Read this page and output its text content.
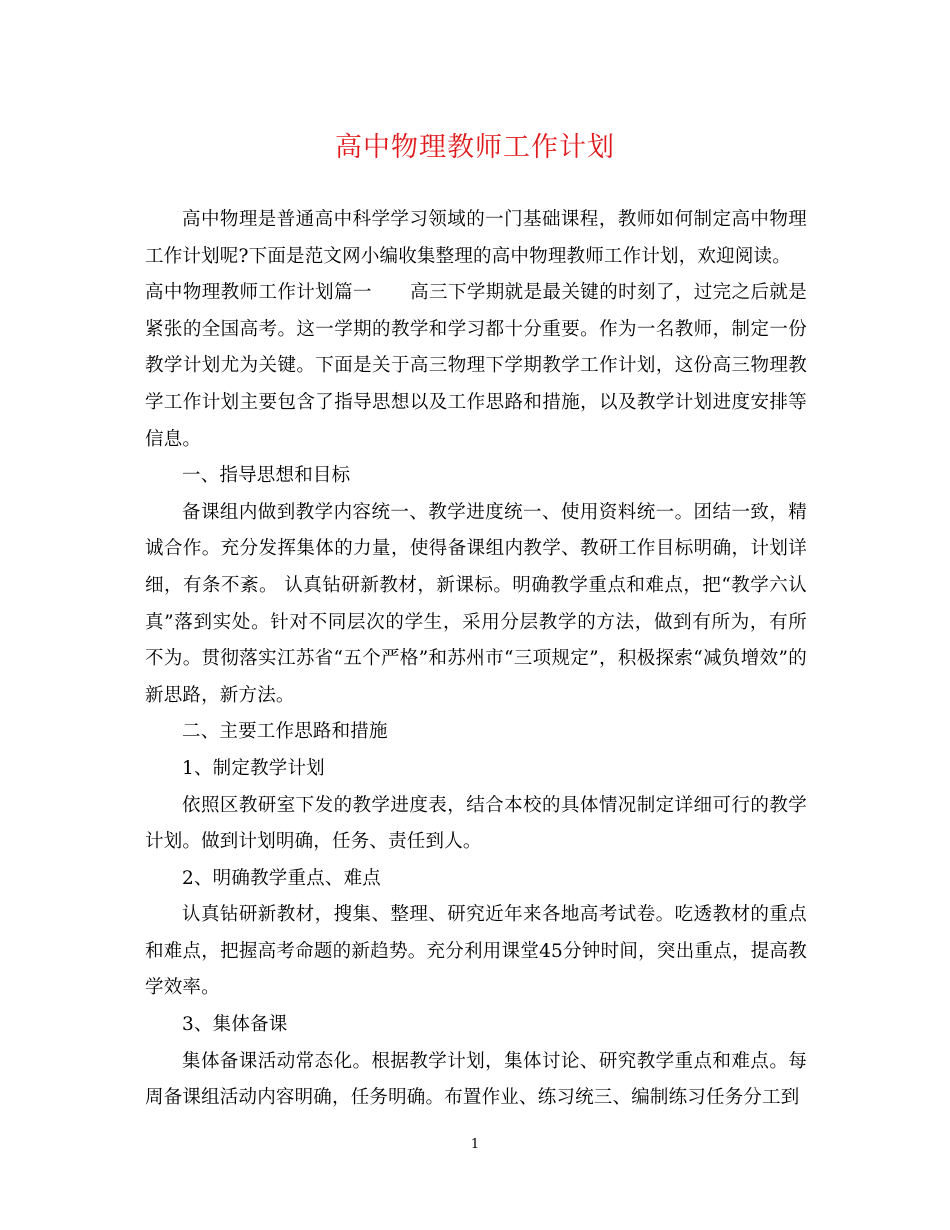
高中物理教师工作计划

高中物理是普通高中科学学习领域的一门基础课程，教师如何制定高中物理工作计划呢?下面是范文网小编收集整理的高中物理教师工作计划，欢迎阅读。

高中物理教师工作计划篇一 高三下学期就是最关键的时刻了，过完之后就是紧张的全国高考。这一学期的教学和学习都十分重要。作为一名教师，制定一份教学计划尤为关键。下面是关于高三物理下学期教学工作计划，这份高三物理教学工作计划主要包含了指导思想以及工作思路和措施，以及教学计划进度安排等信息。

一、指导思想和目标

备课组内做到教学内容统一、教学进度统一、使用资料统一。团结一致，精诚合作。充分发挥集体的力量，使得备课组内教学、教研工作目标明确，计划详细，有条不紊。 认真钻研新教材，新课标。明确教学重点和难点，把“教学六认真”落到实处。针对不同层次的学生，采用分层教学的方法，做到有所为，有所不为。贯彻落实江苏省“五个严格”和苏州市“三项规定”，积极探索“减负增效”的新思路，新方法。

二、主要工作思路和措施

1、制定教学计划

依照区教研室下发的教学进度表，结合本校的具体情况制定详细可行的教学计划。做到计划明确，任务、责任到人。

2、明确教学重点、难点

认真钻研新教材，搜集、整理、研究近年来各地高考试卷。吃透教材的重点和难点，把握高考命题的新趋势。充分利用课堂45分钟时间，突出重点，提高教学效率。

3、集体备课

集体备课活动常态化。根据教学计划，集体讨论、研究教学重点和难点。每周备课组活动内容明确，任务明确。布置作业、练习统三、编制练习任务分工到

1
